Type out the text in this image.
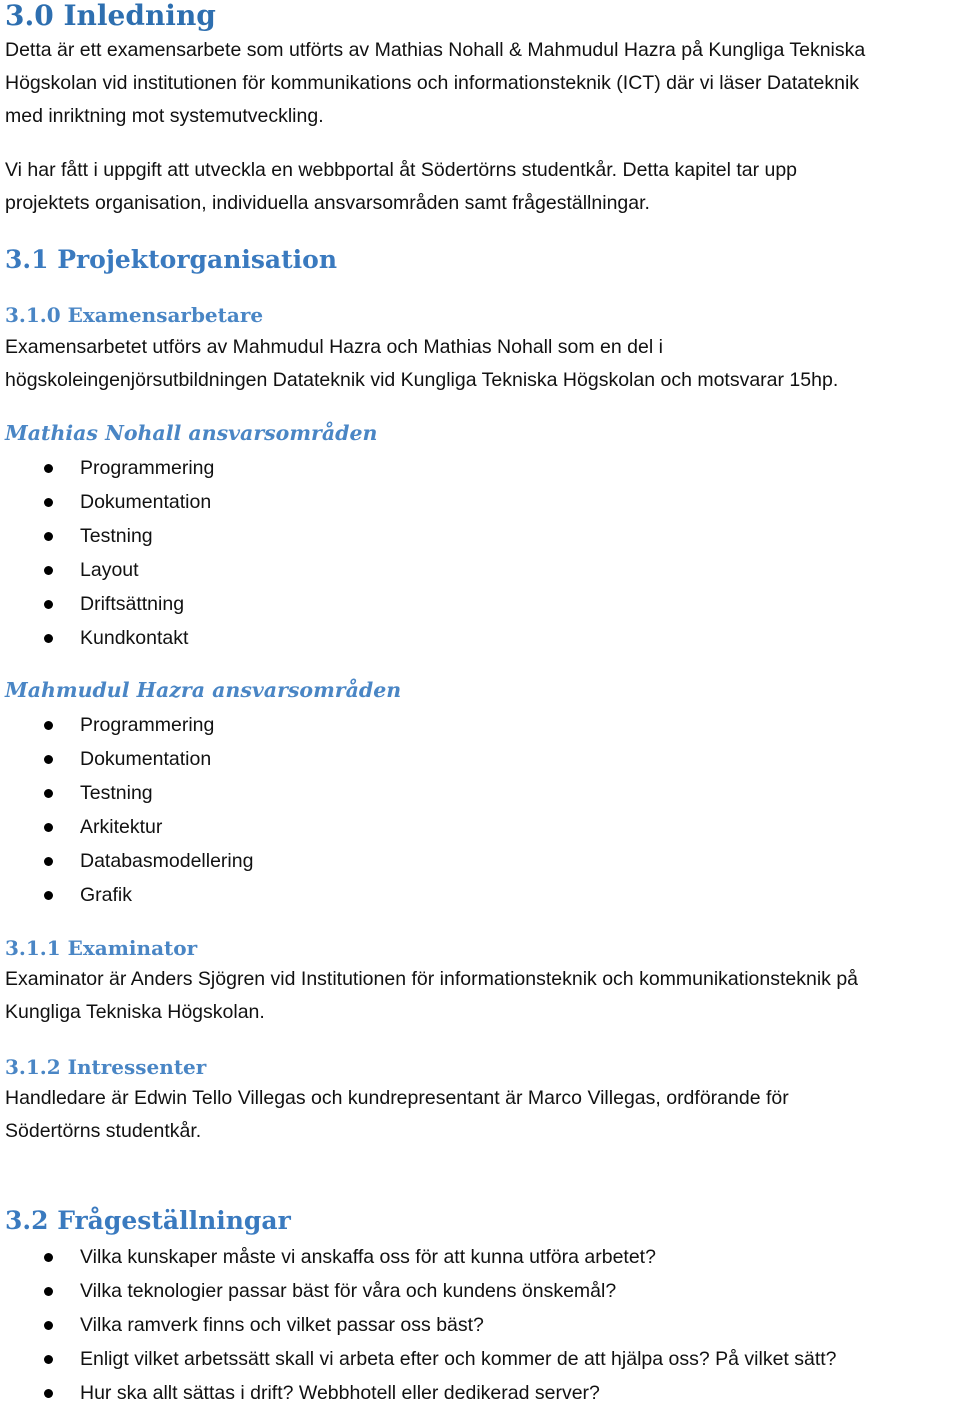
3.0 Inledning

Detta är ett examensarbete som utförts av Mathias Nohall & Mahmudul Hazra på Kungliga Tekniska

Högskolan vid institutionen för kommunikations och informationsteknik (ICT) där vi läser Datateknik

med inriktning mot systemutveckling.

Vi har fått i uppgift att utveckla en webbportal åt Södertörns studentkår. Detta kapitel tar upp

projektets organisation, individuella ansvarsområden samt frågeställningar.

3.1 Projektorganisation
3.1.0 Examensarbetare

Examensarbetet utförs av Mahmudul Hazra och Mathias Nohall som en del i

högskoleingenjörsutbildningen Datateknik vid Kungliga Tekniska Högskolan och motsvarar 15hp.

Mathias Nohall ansvarsområden
Programmering
Dokumentation
Testning
Layout
Driftsättning
Kundkontakt
Mahmudul Hazra ansvarsområden
Programmering
Dokumentation
Testning
Arkitektur
Databasmodellering
Grafik
3.1.1 Examinator

Examinator är Anders Sjögren vid Institutionen för informationsteknik och kommunikationsteknik på

Kungliga Tekniska Högskolan.

3.1.2 Intressenter

Handledare är Edwin Tello Villegas och kundrepresentant är Marco Villegas, ordförande för

Södertörns studentkår.

3.2 Frågeställningar
Vilka kunskaper måste vi anskaffa oss för att kunna utföra arbetet?
Vilka teknologier passar bäst för våra och kundens önskemål?
Vilka ramverk finns och vilket passar oss bäst?
Enligt vilket arbetssätt skall vi arbeta efter och kommer de att hjälpa oss? På vilket sätt?
Hur ska allt sättas i drift? Webbhotell eller dedikerad server?
